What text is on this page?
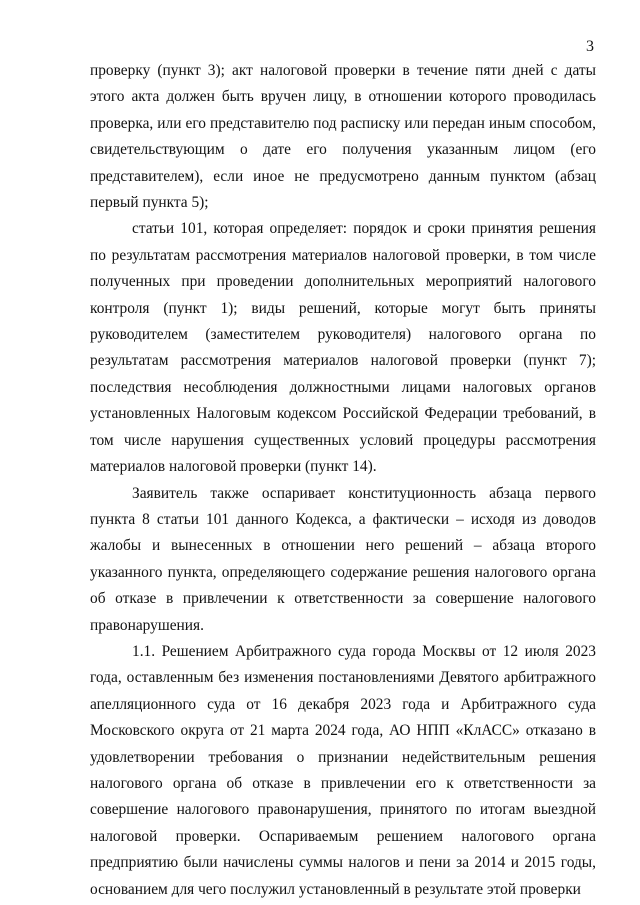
3

проверку (пункт 3); акт налоговой проверки в течение пяти дней с даты этого акта должен быть вручен лицу, в отношении которого проводилась проверка, или его представителю под расписку или передан иным способом, свидетельствующим о дате его получения указанным лицом (его представителем), если иное не предусмотрено данным пунктом (абзац первый пункта 5);

статьи 101, которая определяет: порядок и сроки принятия решения по результатам рассмотрения материалов налоговой проверки, в том числе полученных при проведении дополнительных мероприятий налогового контроля (пункт 1); виды решений, которые могут быть приняты руководителем (заместителем руководителя) налогового органа по результатам рассмотрения материалов налоговой проверки (пункт 7); последствия несоблюдения должностными лицами налоговых органов установленных Налоговым кодексом Российской Федерации требований, в том числе нарушения существенных условий процедуры рассмотрения материалов налоговой проверки (пункт 14).

Заявитель также оспаривает конституционность абзаца первого пункта 8 статьи 101 данного Кодекса, а фактически – исходя из доводов жалобы и вынесенных в отношении него решений – абзаца второго указанного пункта, определяющего содержание решения налогового органа об отказе в привлечении к ответственности за совершение налогового правонарушения.

1.1. Решением Арбитражного суда города Москвы от 12 июля 2023 года, оставленным без изменения постановлениями Девятого арбитражного апелляционного суда от 16 декабря 2023 года и Арбитражного суда Московского округа от 21 марта 2024 года, АО НПП «КлАСС» отказано в удовлетворении требования о признании недействительным решения налогового органа об отказе в привлечении его к ответственности за совершение налогового правонарушения, принятого по итогам выездной налоговой проверки. Оспариваемым решением налогового органа предприятию были начислены суммы налогов и пени за 2014 и 2015 годы, основанием для чего послужил установленный в результате этой проверки
